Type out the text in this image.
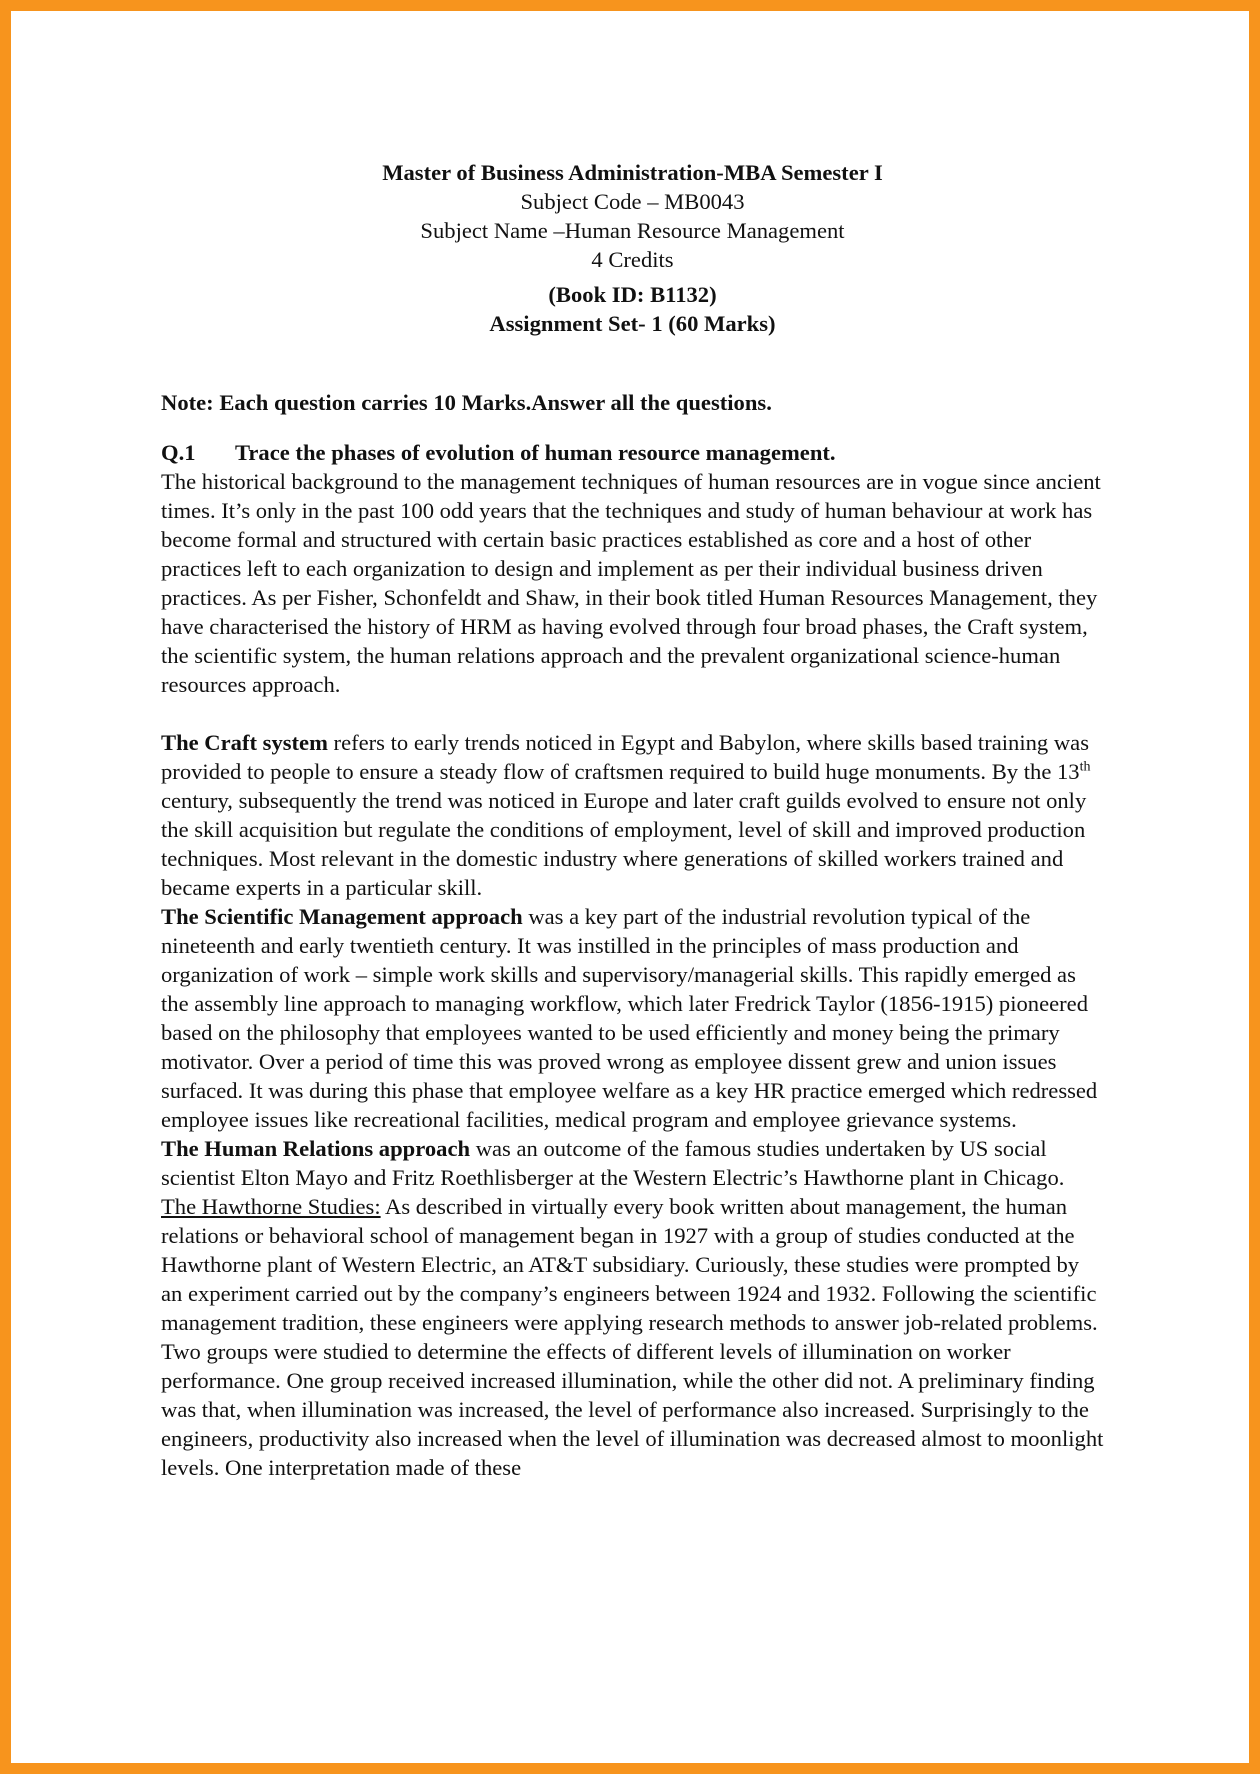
Master of Business Administration-MBA Semester I

Subject Code – MB0043

Subject Name –Human Resource Management

4 Credits

(Book ID: B1132)

Assignment Set- 1 (60 Marks)

Note: Each question carries 10 Marks.Answer all the questions.

Q.1 Trace the phases of evolution of human resource management.

The historical background to the management techniques of human resources are in vogue since ancient times. It’s only in the past 100 odd years that the techniques and study of human behaviour at work has become formal and structured with certain basic practices established as core and a host of other practices left to each organization to design and implement as per their individual business driven practices. As per Fisher, Schonfeldt and Shaw, in their book titled Human Resources Management, they have characterised the history of HRM as having evolved through four broad phases, the Craft system, the scientific system, the human relations approach and the prevalent organizational science-human resources approach.

The Craft system refers to early trends noticed in Egypt and Babylon, where skills based training was provided to people to ensure a steady flow of craftsmen required to build huge monuments. By the 13th century, subsequently the trend was noticed in Europe and later craft guilds evolved to ensure not only the skill acquisition but regulate the conditions of employment, level of skill and improved production techniques. Most relevant in the domestic industry where generations of skilled workers trained and became experts in a particular skill.

The Scientific Management approach was a key part of the industrial revolution typical of the nineteenth and early twentieth century. It was instilled in the principles of mass production and organization of work – simple work skills and supervisory/managerial skills. This rapidly emerged as the assembly line approach to managing workflow, which later Fredrick Taylor (1856-1915) pioneered based on the philosophy that employees wanted to be used efficiently and money being the primary motivator. Over a period of time this was proved wrong as employee dissent grew and union issues surfaced. It was during this phase that employee welfare as a key HR practice emerged which redressed employee issues like recreational facilities, medical program and employee grievance systems.

The Human Relations approach was an outcome of the famous studies undertaken by US social scientist Elton Mayo and Fritz Roethlisberger at the Western Electric’s Hawthorne plant in Chicago.

The Hawthorne Studies: As described in virtually every book written about management, the human relations or behavioral school of management began in 1927 with a group of studies conducted at the Hawthorne plant of Western Electric, an AT&T subsidiary. Curiously, these studies were prompted by an experiment carried out by the company’s engineers between 1924 and 1932. Following the scientific management tradition, these engineers were applying research methods to answer job-related problems.

Two groups were studied to determine the effects of different levels of illumination on worker performance. One group received increased illumination, while the other did not. A preliminary finding was that, when illumination was increased, the level of performance also increased. Surprisingly to the engineers, productivity also increased when the level of illumination was decreased almost to moonlight levels. One interpretation made of these
